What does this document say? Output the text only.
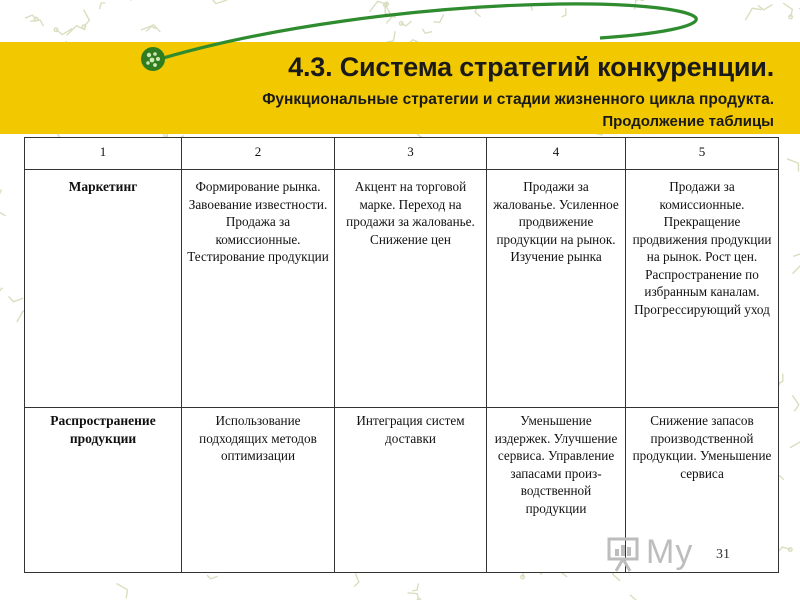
4.3. Система стратегий конкуренции.
Функциональные стратегии и стадии жизненного цикла продукта.
Продолжение таблицы
1	2	3	4	5
Маркетинг	Формирование рынка. Завоевание известности. Продажа за комиссионные. Тестирование продукции	Акцент на торговой марке. Переход на продажи за жалованье. Снижение цен	Продажи за жалованье. Усиленное продвижение продукции на рынок. Изучение рынка	Продажи за комиссионные. Прекращение продвижения продукции на рынок. Рост цен. Распространение по избранным каналам. Прогрессирующий уход
Распространение продукции	Использование подходящих методов оптимизации	Интеграция систем доставки	Уменьшение издержек. Улучшение сервиса. Управление запасами произ-водственной продукции	Снижение запасов производственной продукции. Уменьшение сервиса
My 31
